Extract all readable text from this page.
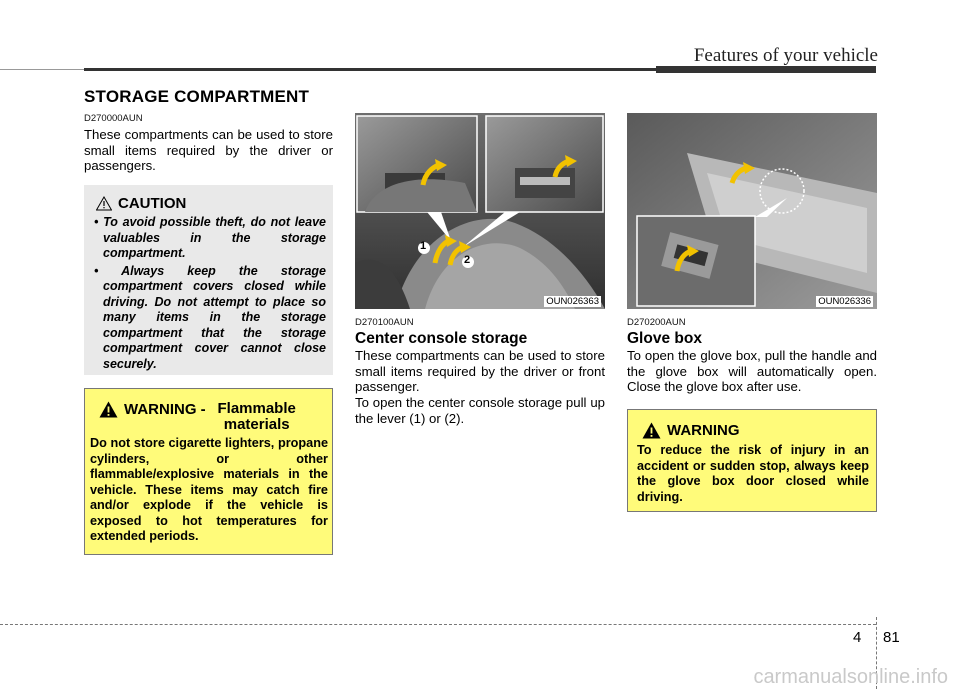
Features of your vehicle
STORAGE COMPARTMENT
D270000AUN
These compartments can be used to store small items required by the driver or passengers.
CAUTION
• To avoid possible theft, do not leave valuables in the storage compartment.
• Always keep the storage compartment covers closed while driving. Do not attempt to place so many items in the storage compartment that the storage compartment cover cannot close securely.
WARNING - Flammable materials
Do not store cigarette lighters, propane cylinders, or other flammable/explosive materials in the vehicle. These items may catch fire and/or explode if the vehicle is exposed to hot temperatures for extended periods.
1
2
OUN026363
D270100AUN
Center console storage
These compartments can be used to store small items required by the driver or front passenger.
To open the center console storage pull up the lever (1) or (2).
OUN026336
D270200AUN
Glove box
To open the glove box, pull the handle and the glove box will automatically open. Close the glove box after use.
WARNING
To reduce the risk of injury in an accident or sudden stop, always keep the glove box door closed while driving.
4 81
carmanualsonline.info
